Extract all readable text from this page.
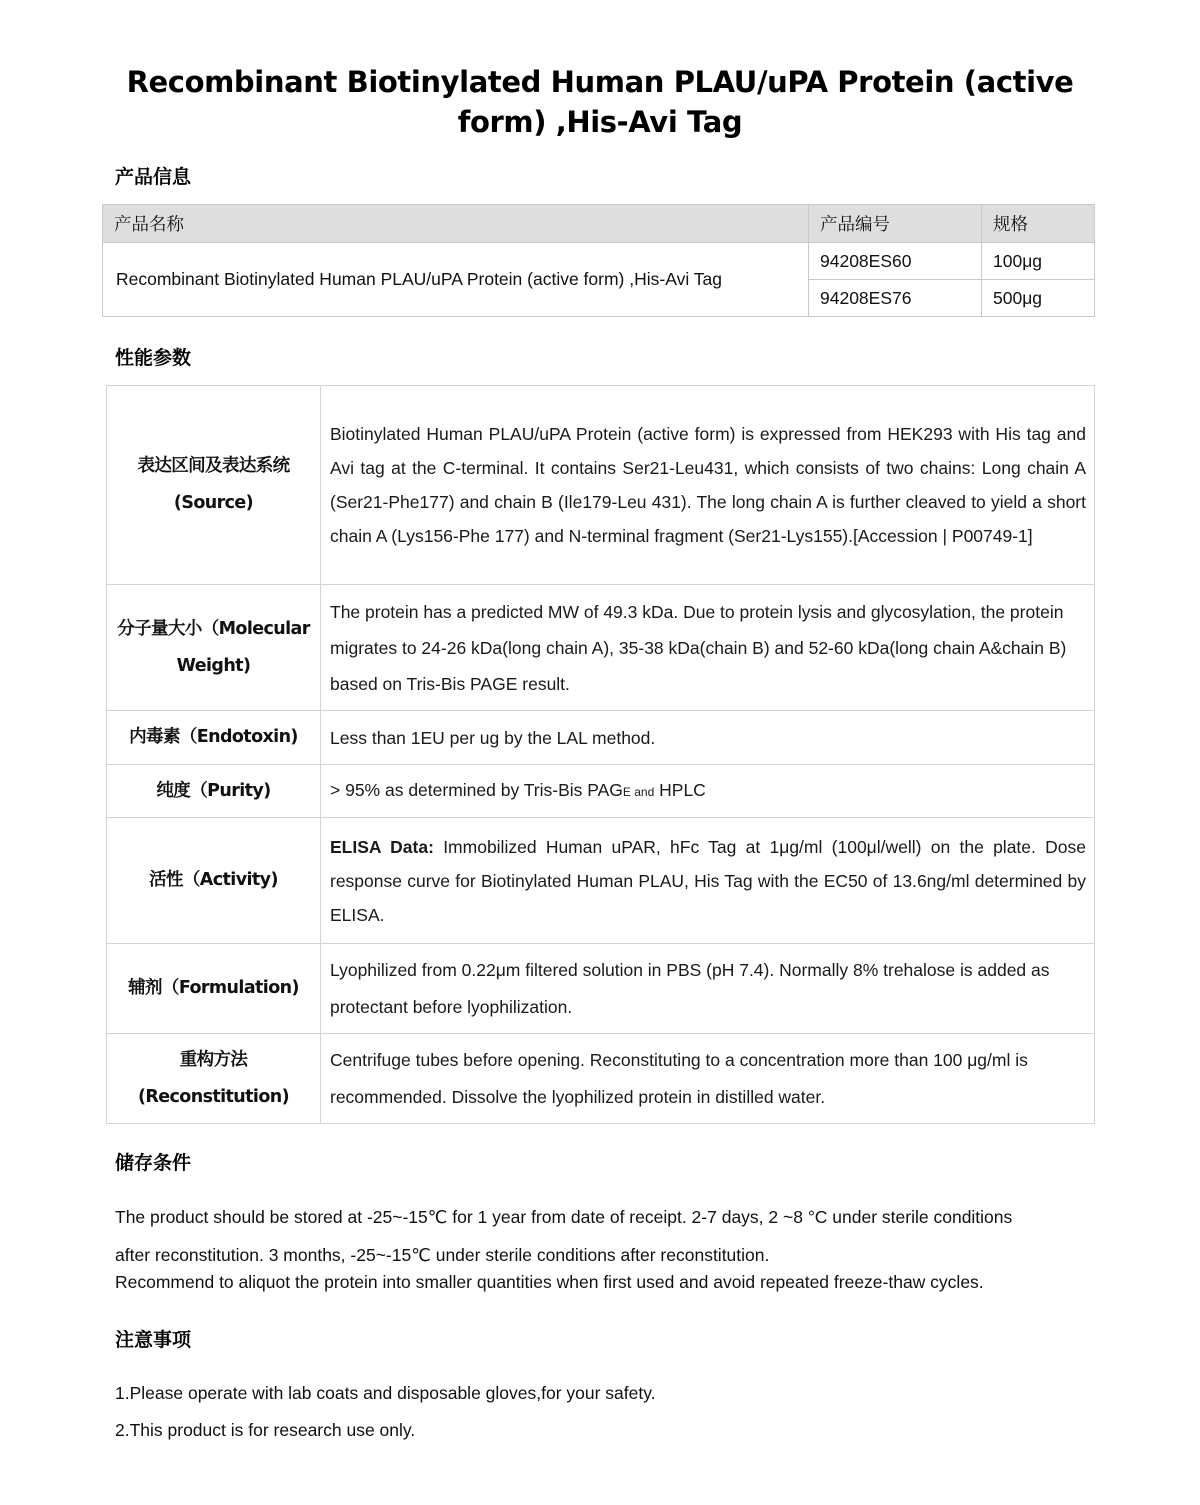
Recombinant Biotinylated Human PLAU/uPA Protein (active
form) ,His-Avi Tag
产品信息
产品名称	产品编号	规格
Recombinant Biotinylated Human PLAU/uPA Protein (active form) ,His-Avi Tag	94208ES60	100μg
	94208ES76	500μg
性能参数
表达区间及表达系统
(Source)	Biotinylated Human PLAU/uPA Protein (active form) is expressed from HEK293 with His tag and Avi tag at the C-terminal. It contains Ser21-Leu431, which consists of two chains: Long chain A (Ser21-Phe177) and chain B (Ile179-Leu 431). The long chain A is further cleaved to yield a short chain A (Lys156-Phe 177) and N-terminal fragment (Ser21-Lys155).[Accession | P00749-1]

分子量大小（Molecular
Weight)	The protein has a predicted MW of 49.3 kDa. Due to protein lysis and glycosylation, the protein migrates to 24-26 kDa(long chain A), 35-38 kDa(chain B) and 52-60 kDa(long chain A&chain B) based on Tris-Bis PAGE result.

内毒素（Endotoxin)	Less than 1EU per ug by the LAL method.

纯度（Purity)	> 95% as determined by Tris-Bis PAGE and HPLC

活性（Activity)	ELISA Data: Immobilized Human uPAR, hFc Tag at 1μg/ml (100μl/well) on the plate. Dose response curve for Biotinylated Human PLAU, His Tag with the EC50 of 13.6ng/ml determined by ELISA.

辅剂（Formulation)	Lyophilized from 0.22μm filtered solution in PBS (pH 7.4). Normally 8% trehalose is added as protectant before lyophilization.

重构方法
(Reconstitution)	Centrifuge tubes before opening. Reconstituting to a concentration more than 100 μg/ml is recommended. Dissolve the lyophilized protein in distilled water.
储存条件
The product should be stored at -25~-15℃ for 1 year from date of receipt. 2-7 days, 2 ~8 °C under sterile conditions
after reconstitution. 3 months, -25~-15℃ under sterile conditions after reconstitution.
Recommend to aliquot the protein into smaller quantities when first used and avoid repeated freeze-thaw cycles.
注意事项
1.Please operate with lab coats and disposable gloves,for your safety.
2.This product is for research use only.
